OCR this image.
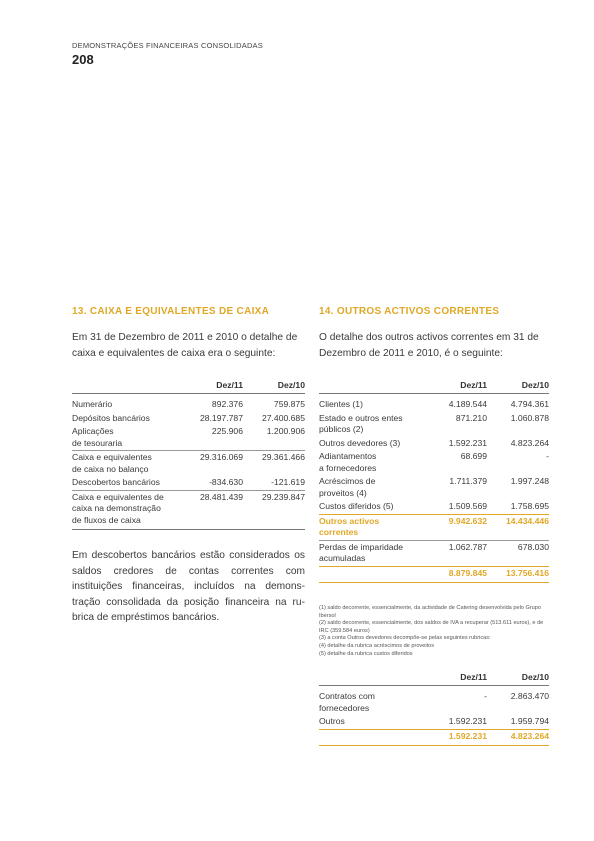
DEMONSTRAÇÕES FINANCEIRAS CONSOLIDADAS
208
13. CAIXA E EQUIVALENTES DE CAIXA
Em 31 de Dezembro de 2011 e 2010 o detalhe de caixa e equivalentes de caixa era o seguinte:
	Dez/11	Dez/10
Numerário	892.376	759.875
Depósitos bancários	28.197.787	27.400.685
Aplicações
de tesouraria	225.906	1.200.906
Caixa e equivalentes
de caixa no balanço	29.316.069	29.361.466
Descobertos bancários	-834.630	-121.619
Caixa e equivalentes de
caixa na demonstração
de fluxos de caixa	28.481.439	29.239.847
Em descobertos bancários estão considerados os saldos credores de contas correntes com instituições financeiras, incluídos na demons-tração consolidada da posição financeira na ru-brica de empréstimos bancários.
14. OUTROS ACTIVOS CORRENTES
O detalhe dos outros activos correntes em 31 de Dezembro de 2011 e 2010, é o seguinte:
	Dez/11	Dez/10
Clientes (1)	4.189.544	4.794.361
Estado e outros entes
públicos (2)	871.210	1.060.878
Outros devedores (3)	1.592.231	4.823.264
Adiantamentos
a fornecedores	68.699	-
Acréscimos de
proveitos (4)	1.711.379	1.997.248
Custos diferidos (5)	1.509.569	1.758.695
Outros activos
correntes	9.942.632	14.434.446
Perdas de imparidade
acumuladas	1.062.787	678.030
	8.879.845	13.756.416
(1) saldo decorrente, essencialmente, da actividade de Catering desenvolvida pelo Grupo Ibersol
(2) saldo decorrente, essencialmente, dos saldos de IVA a recuperar (513.611 euros), e de IRC (359.584 euros)
(3) a conta Outros devedores decompõe-se pelas seguintes rubricas:
(4) detalhe da rubrica acréscimos de proveitos
(5) detalhe da rubrica custos diferidos
	Dez/11	Dez/10
Contratos com
fornecedores	-	2.863.470
Outros	1.592.231	1.959.794
	1.592.231	4.823.264
